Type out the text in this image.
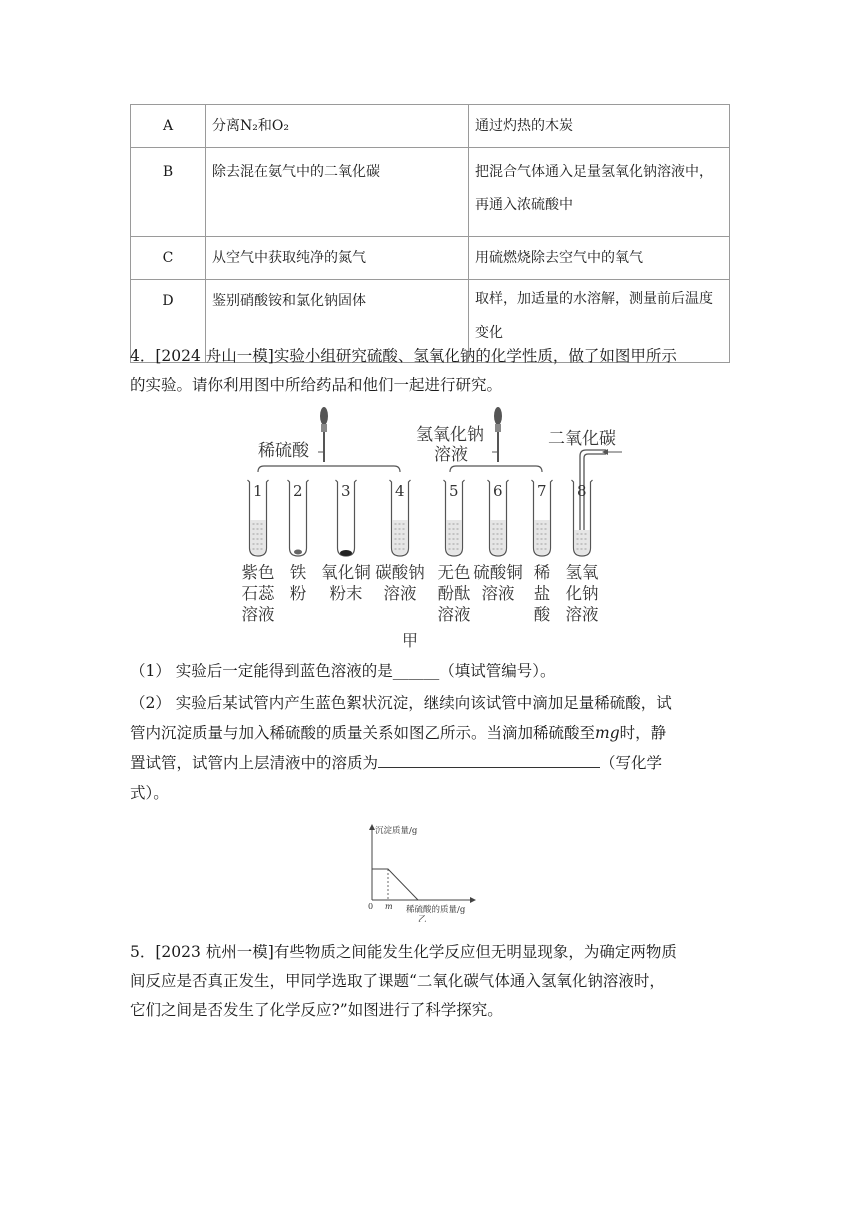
A	分离N₂和O₂	通过灼热的木炭
B	除去混在氨气中的二氧化碳	把混合气体通入足量氢氧化钠溶液中，
再通入浓硫酸中
C	从空气中获取纯净的氮气	用硫燃烧除去空气中的氧气
D	鉴别硝酸铵和氯化钠固体	取样，加适量的水溶解，测量前后温度
变化
4．[2024 舟山一模]实验小组研究硫酸、氢氧化钠的化学性质，做了如图甲所示
的实验。请你利用图中所给药品和他们一起进行研究。
稀硫酸
氢氧化钠
溶液
二氧化碳
1
紫色
石蕊
溶液
2
铁
粉
3
氧化铜
粉末
4
碳酸钠
溶液
5
无色
酚酞
溶液
6
硫酸铜
溶液
7
稀
盐
酸
8
氢氧
化钠
溶液
甲
（1） 实验后一定能得到蓝色溶液的是______（填试管编号）。
（2） 实验后某试管内产生蓝色絮状沉淀，继续向该试管中滴加足量稀硫酸，试
管内沉淀质量与加入稀硫酸的质量关系如图乙所示。当滴加稀硫酸至mg时，静
置试管，试管内上层清液中的溶质为	（写化学
式）。
沉淀质量/g
0 m 稀硫酸的质量/g
乙
5．[2023 杭州一模]有些物质之间能发生化学反应但无明显现象，为确定两物质
间反应是否真正发生，甲同学选取了课题“二氧化碳气体通入氢氧化钠溶液时，
它们之间是否发生了化学反应?”如图进行了科学探究。
